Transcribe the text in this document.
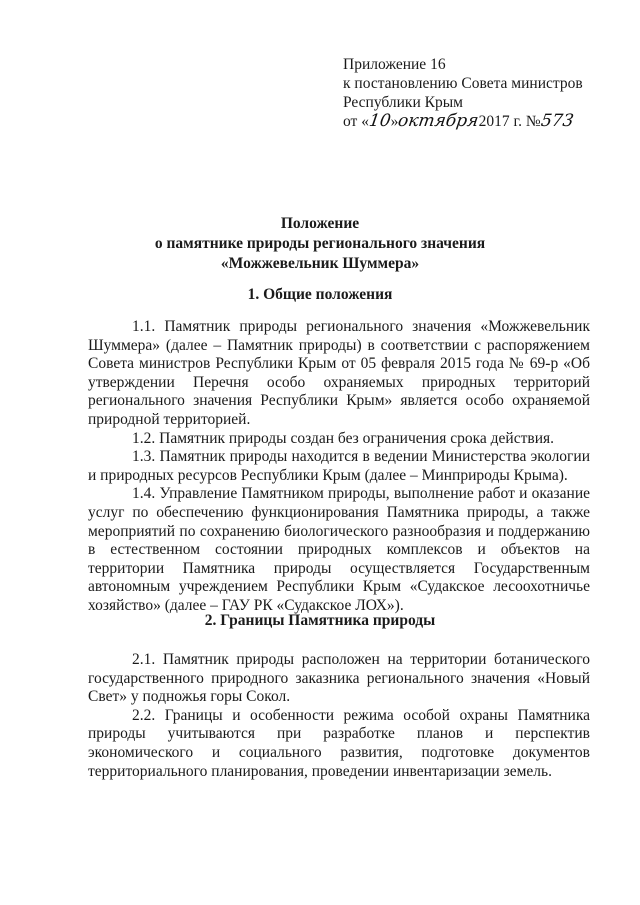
Приложение 16
к постановлению Совета министров
Республики Крым
от «10»октября2017 г. №573
Положение
о памятнике природы регионального значения
«Можжевельник Шуммера»
1. Общие положения

1.1. Памятник природы регионального значения «Можжевельник Шуммера» (далее – Памятник природы) в соответствии с распоряжением Совета министров Республики Крым от 05 февраля 2015 года № 69-р «Об утверждении Перечня особо охраняемых природных территорий регионального значения Республики Крым» является особо охраняемой природной территорией.

1.2. Памятник природы создан без ограничения срока действия.

1.3. Памятник природы находится в ведении Министерства экологии и природных ресурсов Республики Крым (далее – Минприроды Крыма).

1.4. Управление Памятником природы, выполнение работ и оказание услуг по обеспечению функционирования Памятника природы, а также мероприятий по сохранению биологического разнообразия и поддержанию в естественном состоянии природных комплексов и объектов на территории Памятника природы осуществляется Государственным автономным учреждением Республики Крым «Судакское лесоохотничье хозяйство» (далее – ГАУ РК «Судакское ЛОХ»).

2. Границы Памятника природы

2.1. Памятник природы расположен на территории ботанического государственного природного заказника регионального значения «Новый Свет» у подножья горы Сокол.

2.2. Границы и особенности режима особой охраны Памятника природы учитываются при разработке планов и перспектив экономического и социального развития, подготовке документов территориального планирования, проведении инвентаризации земель.
